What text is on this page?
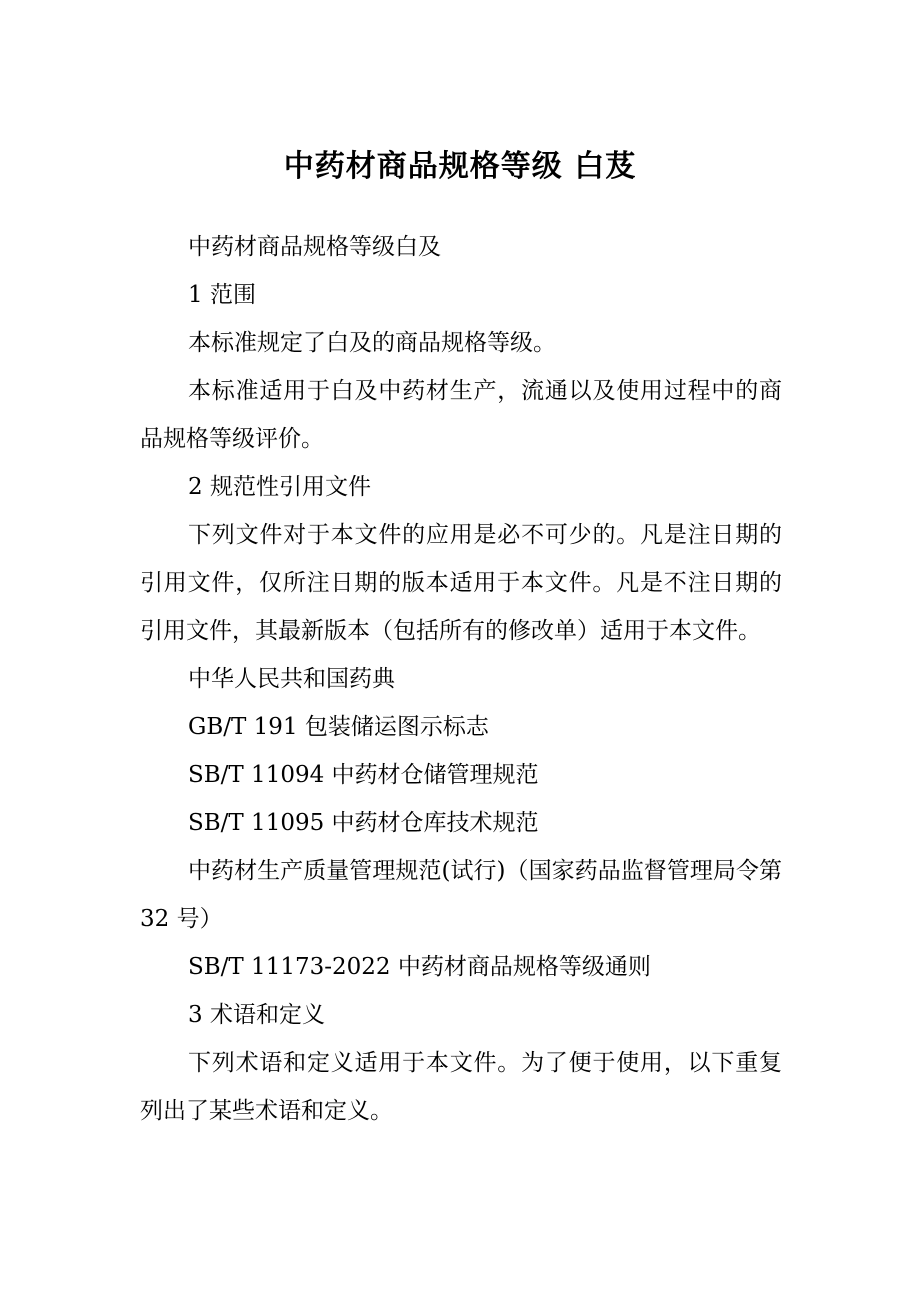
中药材商品规格等级 白芨

中药材商品规格等级白及

1 范围

本标准规定了白及的商品规格等级。

本标准适用于白及中药材生产，流通以及使用过程中的商品规格等级评价。

2 规范性引用文件

下列文件对于本文件的应用是必不可少的。凡是注日期的引用文件，仅所注日期的版本适用于本文件。凡是不注日期的引用文件，其最新版本（包括所有的修改单）适用于本文件。

中华人民共和国药典

GB/T 191 包装储运图示标志

SB/T 11094 中药材仓储管理规范

SB/T 11095 中药材仓库技术规范

中药材生产质量管理规范(试行)（国家药品监督管理局令第 32 号）

SB/T 11173-2022 中药材商品规格等级通则

3 术语和定义

下列术语和定义适用于本文件。为了便于使用，以下重复列出了某些术语和定义。
